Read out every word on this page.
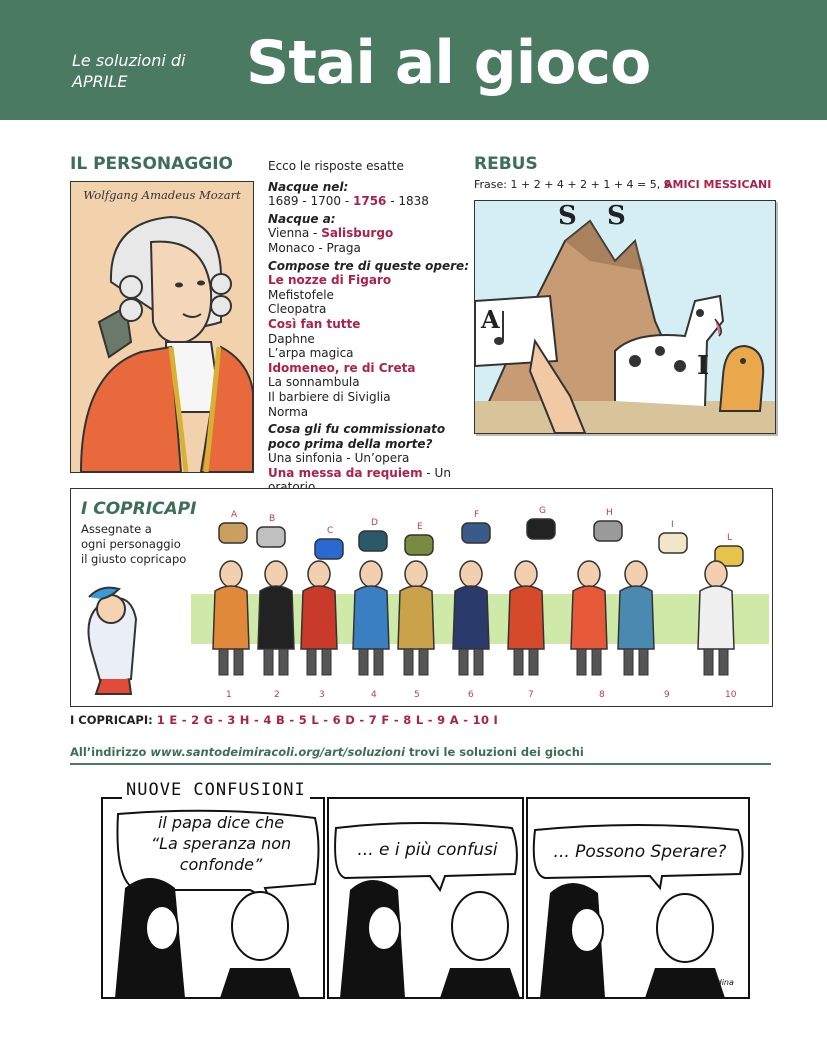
Le soluzioni di
APRILE	Stai al gioco
IL PERSONAGGIO
Wolfgang Amadeus Mozart
Ecco le risposte esatte
Nacque nel:
1689 - 1700 - 1756 - 1838
Nacque a:
Vienna - Salisburgo
Monaco - Praga
Compose tre di queste opere:
Le nozze di Figaro
Mefistofele
Cleopatra
Così fan tutte
Daphne
L’arpa magica
Idomeneo, re di Creta
La sonnambula
Il barbiere di Siviglia
Norma
Cosa gli fu commissionato
poco prima della morte?
Una sinfonia - Un’opera
Una messa da requiem - Un
REBUS
Frase: 1 + 2 + 4 + 2 + 1 + 4 = 5, 9
AMICI MESSICANI
S S
A
I
I COPRICAPI
Assegnate a
ogni personaggio
il giusto copricapo
A
1
B
2
C
3
D
4
E
5
F
6
G
7
H
8
I
9
L
10
I COPRICAPI: 1 E - 2 G - 3 H - 4 B - 5 L - 6 D - 7 F - 8 L - 9 A - 10 I
All’indirizzo www.santodeimiracoli.org/art/soluzioni trovi le soluzioni dei giochi
NUOVE CONFUSIONI
il papa dice che
“La speranza non
confonde”
... e i più confusi	... Possono Sperare?
Giardina
